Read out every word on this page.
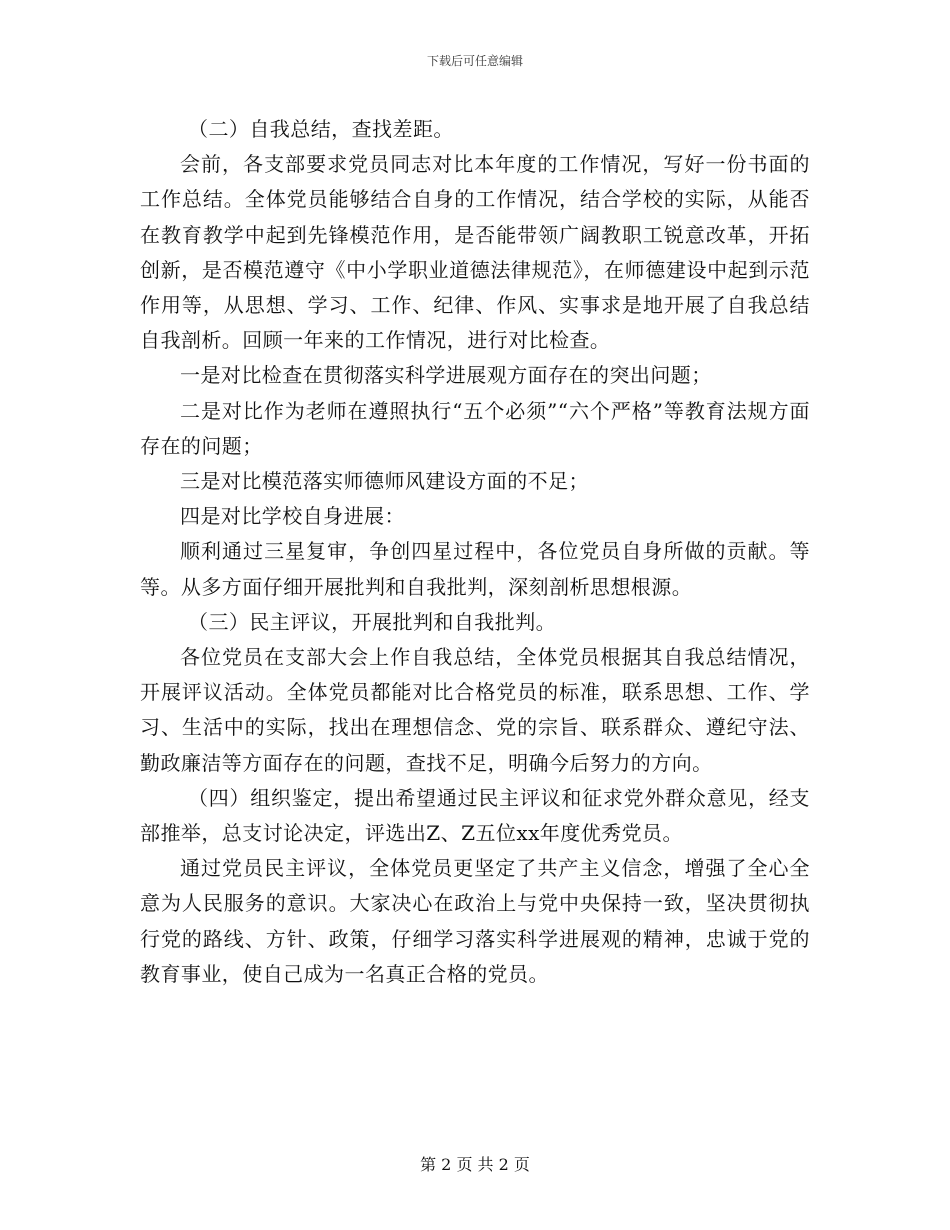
下载后可任意编辑

（二）自我总结，查找差距。

会前，各支部要求党员同志对比本年度的工作情况，写好一份书面的工作总结。全体党员能够结合自身的工作情况，结合学校的实际，从能否在教育教学中起到先锋模范作用，是否能带领广阔教职工锐意改革，开拓创新，是否模范遵守《中小学职业道德法律规范》，在师德建设中起到示范作用等，从思想、学习、工作、纪律、作风、实事求是地开展了自我总结自我剖析。回顾一年来的工作情况，进行对比检查。

一是对比检查在贯彻落实科学进展观方面存在的突出问题；

二是对比作为老师在遵照执行“五个必须”“六个严格”等教育法规方面存在的问题；

三是对比模范落实师德师风建设方面的不足；

四是对比学校自身进展：

顺利通过三星复审，争创四星过程中，各位党员自身所做的贡献。等等。从多方面仔细开展批判和自我批判，深刻剖析思想根源。

（三）民主评议，开展批判和自我批判。

各位党员在支部大会上作自我总结，全体党员根据其自我总结情况，开展评议活动。全体党员都能对比合格党员的标准，联系思想、工作、学习、生活中的实际，找出在理想信念、党的宗旨、联系群众、遵纪守法、勤政廉洁等方面存在的问题，查找不足，明确今后努力的方向。

（四）组织鉴定，提出希望通过民主评议和征求党外群众意见，经支部推举，总支讨论决定，评选出Z、Z五位xx年度优秀党员。

通过党员民主评议，全体党员更坚定了共产主义信念，增强了全心全意为人民服务的意识。大家决心在政治上与党中央保持一致，坚决贯彻执行党的路线、方针、政策，仔细学习落实科学进展观的精神，忠诚于党的教育事业，使自己成为一名真正合格的党员。

第 2 页 共 2 页
